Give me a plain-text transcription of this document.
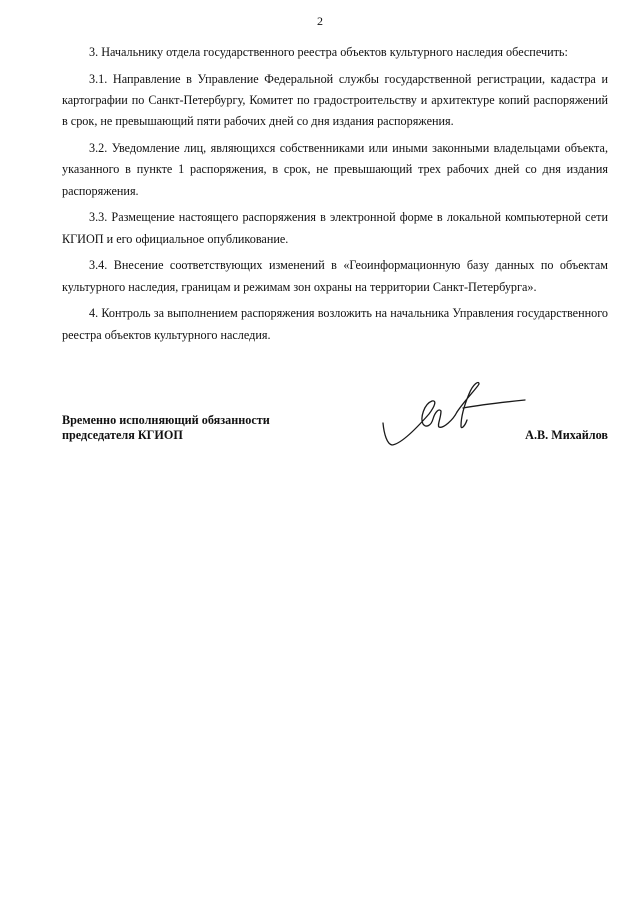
2

3. Начальнику отдела государственного реестра объектов культурного наследия обеспечить:

3.1. Направление в Управление Федеральной службы государственной регистрации, кадастра и картографии по Санкт-Петербургу, Комитет по градостроительству и архитектуре копий распоряжений в срок, не превышающий пяти рабочих дней со дня издания распоряжения.

3.2. Уведомление лиц, являющихся собственниками или иными законными владельцами объекта, указанного в пункте 1 распоряжения, в срок, не превышающий трех рабочих дней со дня издания распоряжения.

3.3. Размещение настоящего распоряжения в электронной форме в локальной компьютерной сети КГИОП и его официальное опубликование.

3.4. Внесение соответствующих изменений в «Геоинформационную базу данных по объектам культурного наследия, границам и режимам зон охраны на территории Санкт-Петербурга».

4. Контроль за выполнением распоряжения возложить на начальника Управления государственного реестра объектов культурного наследия.

Временно исполняющий обязанности
председателя КГИОП	А.В. Михайлов
